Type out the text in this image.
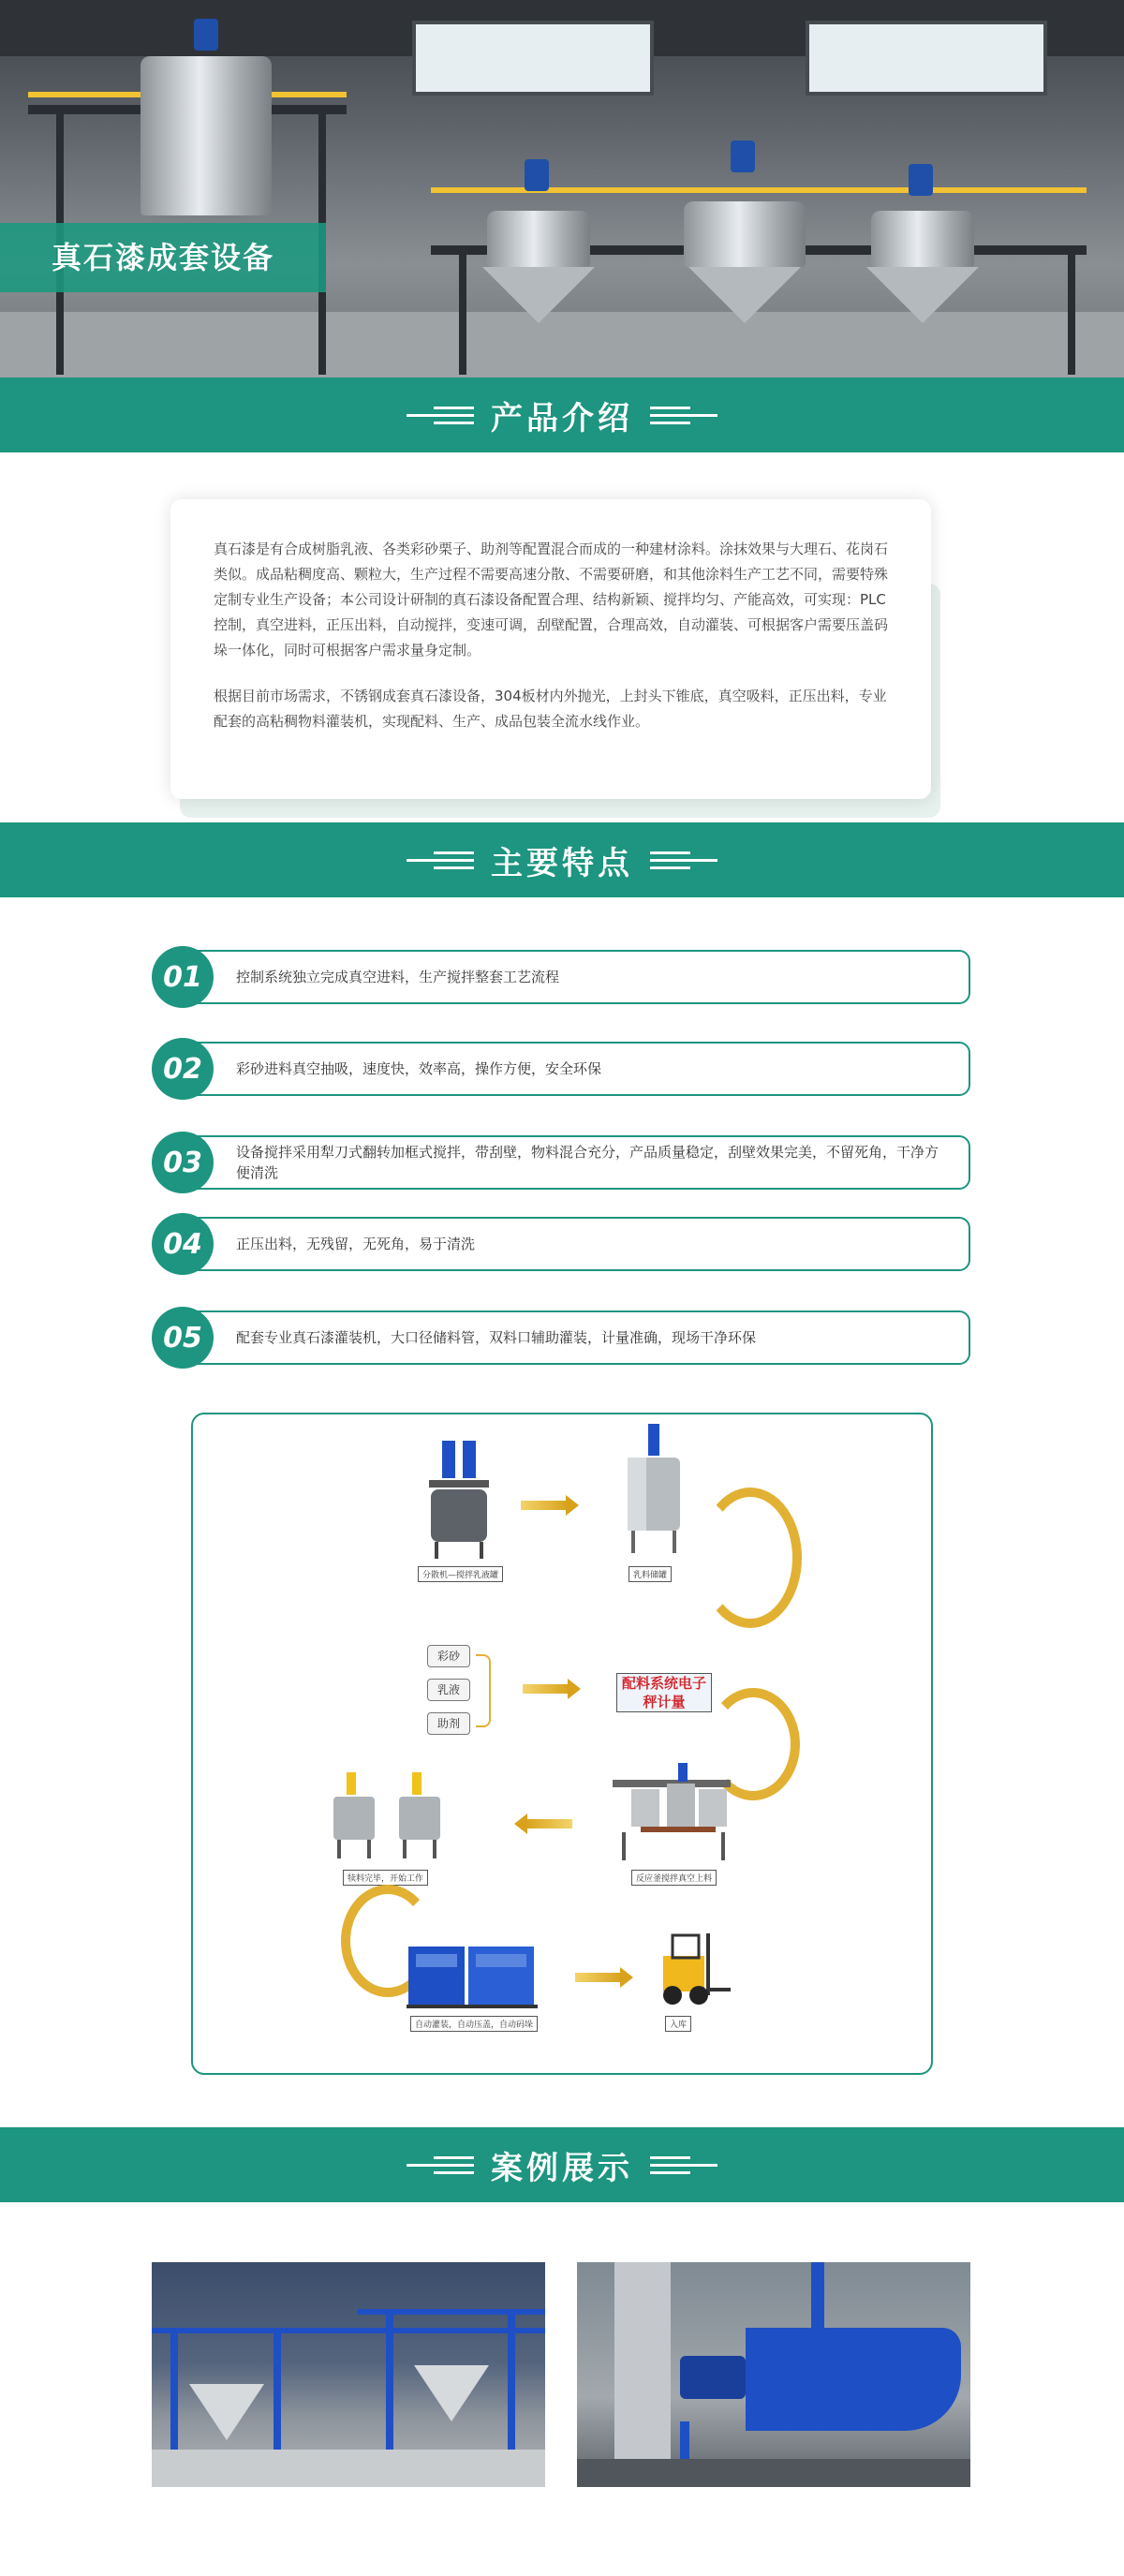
真石漆成套设备
产品介绍

真石漆是有合成树脂乳液、各类彩砂栗子、助剂等配置混合而成的一种建材涂料。涂抹效果与大理石、花岗石类似。成品粘稠度高、颗粒大，生产过程不需要高速分散、不需要研磨，和其他涂料生产工艺不同，需要特殊定制专业生产设备；本公司设计研制的真石漆设备配置合理、结构新颖、搅拌均匀、产能高效，可实现：PLC控制，真空进料，正压出料，自动搅拌，变速可调，刮壁配置，合理高效，自动灌装、可根据客户需要压盖码垛一体化，同时可根据客户需求量身定制。

根据目前市场需求，不锈钢成套真石漆设备，304板材内外抛光，上封头下锥底，真空吸料，正压出料，专业配套的高粘稠物料灌装机，实现配料、生产、成品包装全流水线作业。

主要特点
控制系统独立完成真空进料，生产搅拌整套工艺流程
01
彩砂进料真空抽吸，速度快，效率高，操作方便，安全环保
02
设备搅拌采用犁刀式翻转加框式搅拌，带刮壁，物料混合充分，产品质量稳定，刮壁效果完美，不留死角，干净方便清洗
03
正压出料，无残留，无死角，易于清洗
04
配套专业真石漆灌装机，大口径储料管，双料口辅助灌装，计量准确，现场干净环保
05
分散机—搅拌乳液罐	乳料储罐
彩砂
乳液
助剂
配料系统电子秤计量
犊料完毕，开始工作	反应釜搅拌真空上料
自动灌装，自动压盖，自动码垛	入库
案例展示
